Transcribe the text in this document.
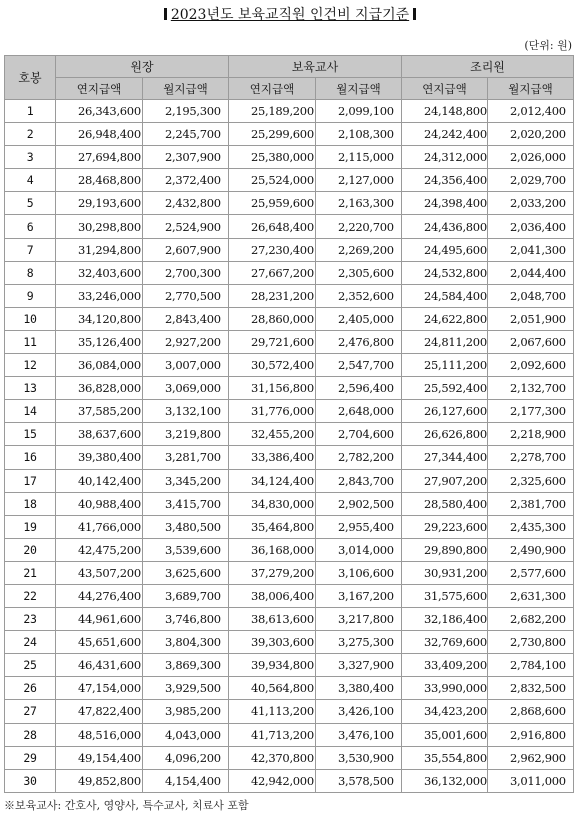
2023년도 보육교직원 인건비 지급기준
(단위: 원)
호봉	원장		보육교사		조리원	
	연지급액	월지급액	연지급액	월지급액	연지급액	월지급액
1	26,343,600	2,195,300	25,189,200	2,099,100	24,148,800	2,012,400
2	26,948,400	2,245,700	25,299,600	2,108,300	24,242,400	2,020,200
3	27,694,800	2,307,900	25,380,000	2,115,000	24,312,000	2,026,000
4	28,468,800	2,372,400	25,524,000	2,127,000	24,356,400	2,029,700
5	29,193,600	2,432,800	25,959,600	2,163,300	24,398,400	2,033,200
6	30,298,800	2,524,900	26,648,400	2,220,700	24,436,800	2,036,400
7	31,294,800	2,607,900	27,230,400	2,269,200	24,495,600	2,041,300
8	32,403,600	2,700,300	27,667,200	2,305,600	24,532,800	2,044,400
9	33,246,000	2,770,500	28,231,200	2,352,600	24,584,400	2,048,700
10	34,120,800	2,843,400	28,860,000	2,405,000	24,622,800	2,051,900
11	35,126,400	2,927,200	29,721,600	2,476,800	24,811,200	2,067,600
12	36,084,000	3,007,000	30,572,400	2,547,700	25,111,200	2,092,600
13	36,828,000	3,069,000	31,156,800	2,596,400	25,592,400	2,132,700
14	37,585,200	3,132,100	31,776,000	2,648,000	26,127,600	2,177,300
15	38,637,600	3,219,800	32,455,200	2,704,600	26,626,800	2,218,900
16	39,380,400	3,281,700	33,386,400	2,782,200	27,344,400	2,278,700
17	40,142,400	3,345,200	34,124,400	2,843,700	27,907,200	2,325,600
18	40,988,400	3,415,700	34,830,000	2,902,500	28,580,400	2,381,700
19	41,766,000	3,480,500	35,464,800	2,955,400	29,223,600	2,435,300
20	42,475,200	3,539,600	36,168,000	3,014,000	29,890,800	2,490,900
21	43,507,200	3,625,600	37,279,200	3,106,600	30,931,200	2,577,600
22	44,276,400	3,689,700	38,006,400	3,167,200	31,575,600	2,631,300
23	44,961,600	3,746,800	38,613,600	3,217,800	32,186,400	2,682,200
24	45,651,600	3,804,300	39,303,600	3,275,300	32,769,600	2,730,800
25	46,431,600	3,869,300	39,934,800	3,327,900	33,409,200	2,784,100
26	47,154,000	3,929,500	40,564,800	3,380,400	33,990,000	2,832,500
27	47,822,400	3,985,200	41,113,200	3,426,100	34,423,200	2,868,600
28	48,516,000	4,043,000	41,713,200	3,476,100	35,001,600	2,916,800
29	49,154,400	4,096,200	42,370,800	3,530,900	35,554,800	2,962,900
30	49,852,800	4,154,400	42,942,000	3,578,500	36,132,000	3,011,000
※보육교사: 간호사, 영양사, 특수교사, 치료사 포함
